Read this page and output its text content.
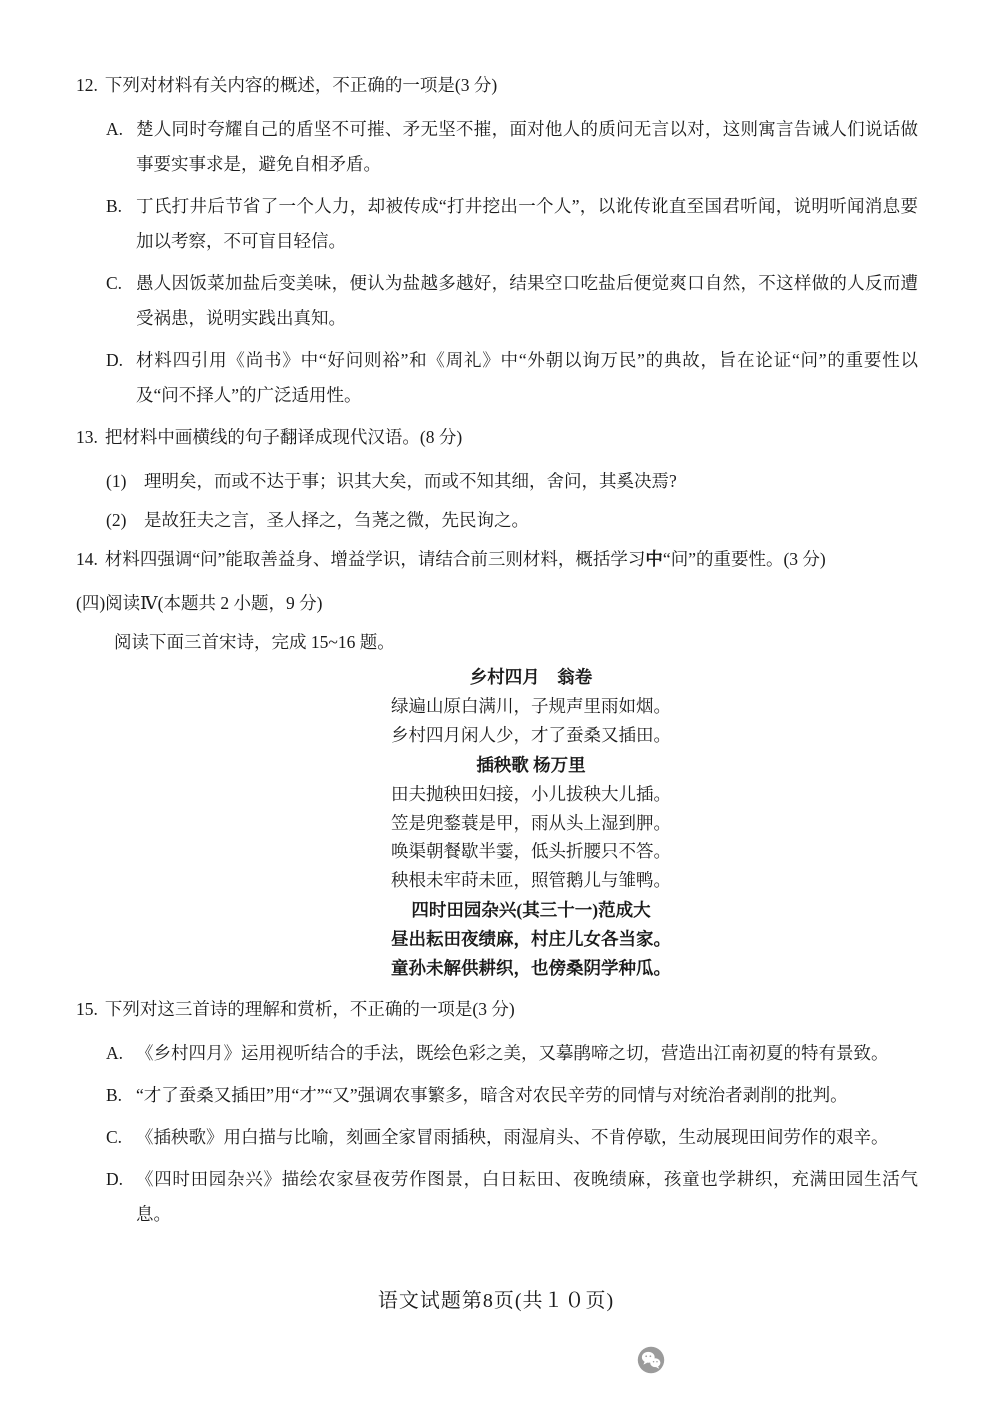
12. 下列对材料有关内容的概述，不正确的一项是(3 分)
A. 楚人同时夸耀自己的盾坚不可摧、矛无坚不摧，面对他人的质问无言以对，这则寓言告诫人们说话做事要实事求是，避免自相矛盾。
B. 丁氏打井后节省了一个人力，却被传成“打井挖出一个人”，以讹传讹直至国君听闻，说明听闻消息要加以考察，不可盲目轻信。
C. 愚人因饭菜加盐后变美味，便认为盐越多越好，结果空口吃盐后便觉爽口自然，不这样做的人反而遭受祸患，说明实践出真知。
D. 材料四引用《尚书》中“好问则裕”和《周礼》中“外朝以询万民”的典故，旨在论证“问”的重要性以及“问不择人”的广泛适用性。
13. 把材料中画横线的句子翻译成现代汉语。(8 分)
(1)	理明矣，而或不达于事；识其大矣，而或不知其细，舍问，其奚决焉?
(2)	是故狂夫之言，圣人择之，刍荛之微，先民询之。
14. 材料四强调“问”能取善益身、增益学识，请结合前三则材料，概括学习中“问”的重要性。(3 分)
(四)阅读Ⅳ(本题共 2 小题，9 分)
阅读下面三首宋诗，完成 15~16 题。
乡村四月　翁卷
绿遍山原白满川，子规声里雨如烟。
乡村四月闲人少，才了蚕桑又插田。
插秧歌 杨万里
田夫抛秧田妇接，小儿拔秧大儿插。
笠是兜鍪蓑是甲，雨从头上湿到胛。
唤渠朝餐歇半霎，低头折腰只不答。
秧根未牢莳未匝，照管鹅儿与雏鸭。
四时田园杂兴(其三十一)范成大
昼出耘田夜绩麻，村庄儿女各当家。
童孙未解供耕织，也傍桑阴学种瓜。
15. 下列对这三首诗的理解和赏析，不正确的一项是(3 分)
A. 《乡村四月》运用视听结合的手法，既绘色彩之美，又摹鹃啼之切，营造出江南初夏的特有景致。
B. “才了蚕桑又插田”用“才”“又”强调农事繁多，暗含对农民辛劳的同情与对统治者剥削的批判。
C. 《插秧歌》用白描与比喻，刻画全家冒雨插秧，雨湿肩头、不肯停歇，生动展现田间劳作的艰辛。
D. 《四时田园杂兴》描绘农家昼夜劳作图景，白日耘田、夜晚绩麻，孩童也学耕织，充满田园生活气息。
语文试题第8页(共１０页)
